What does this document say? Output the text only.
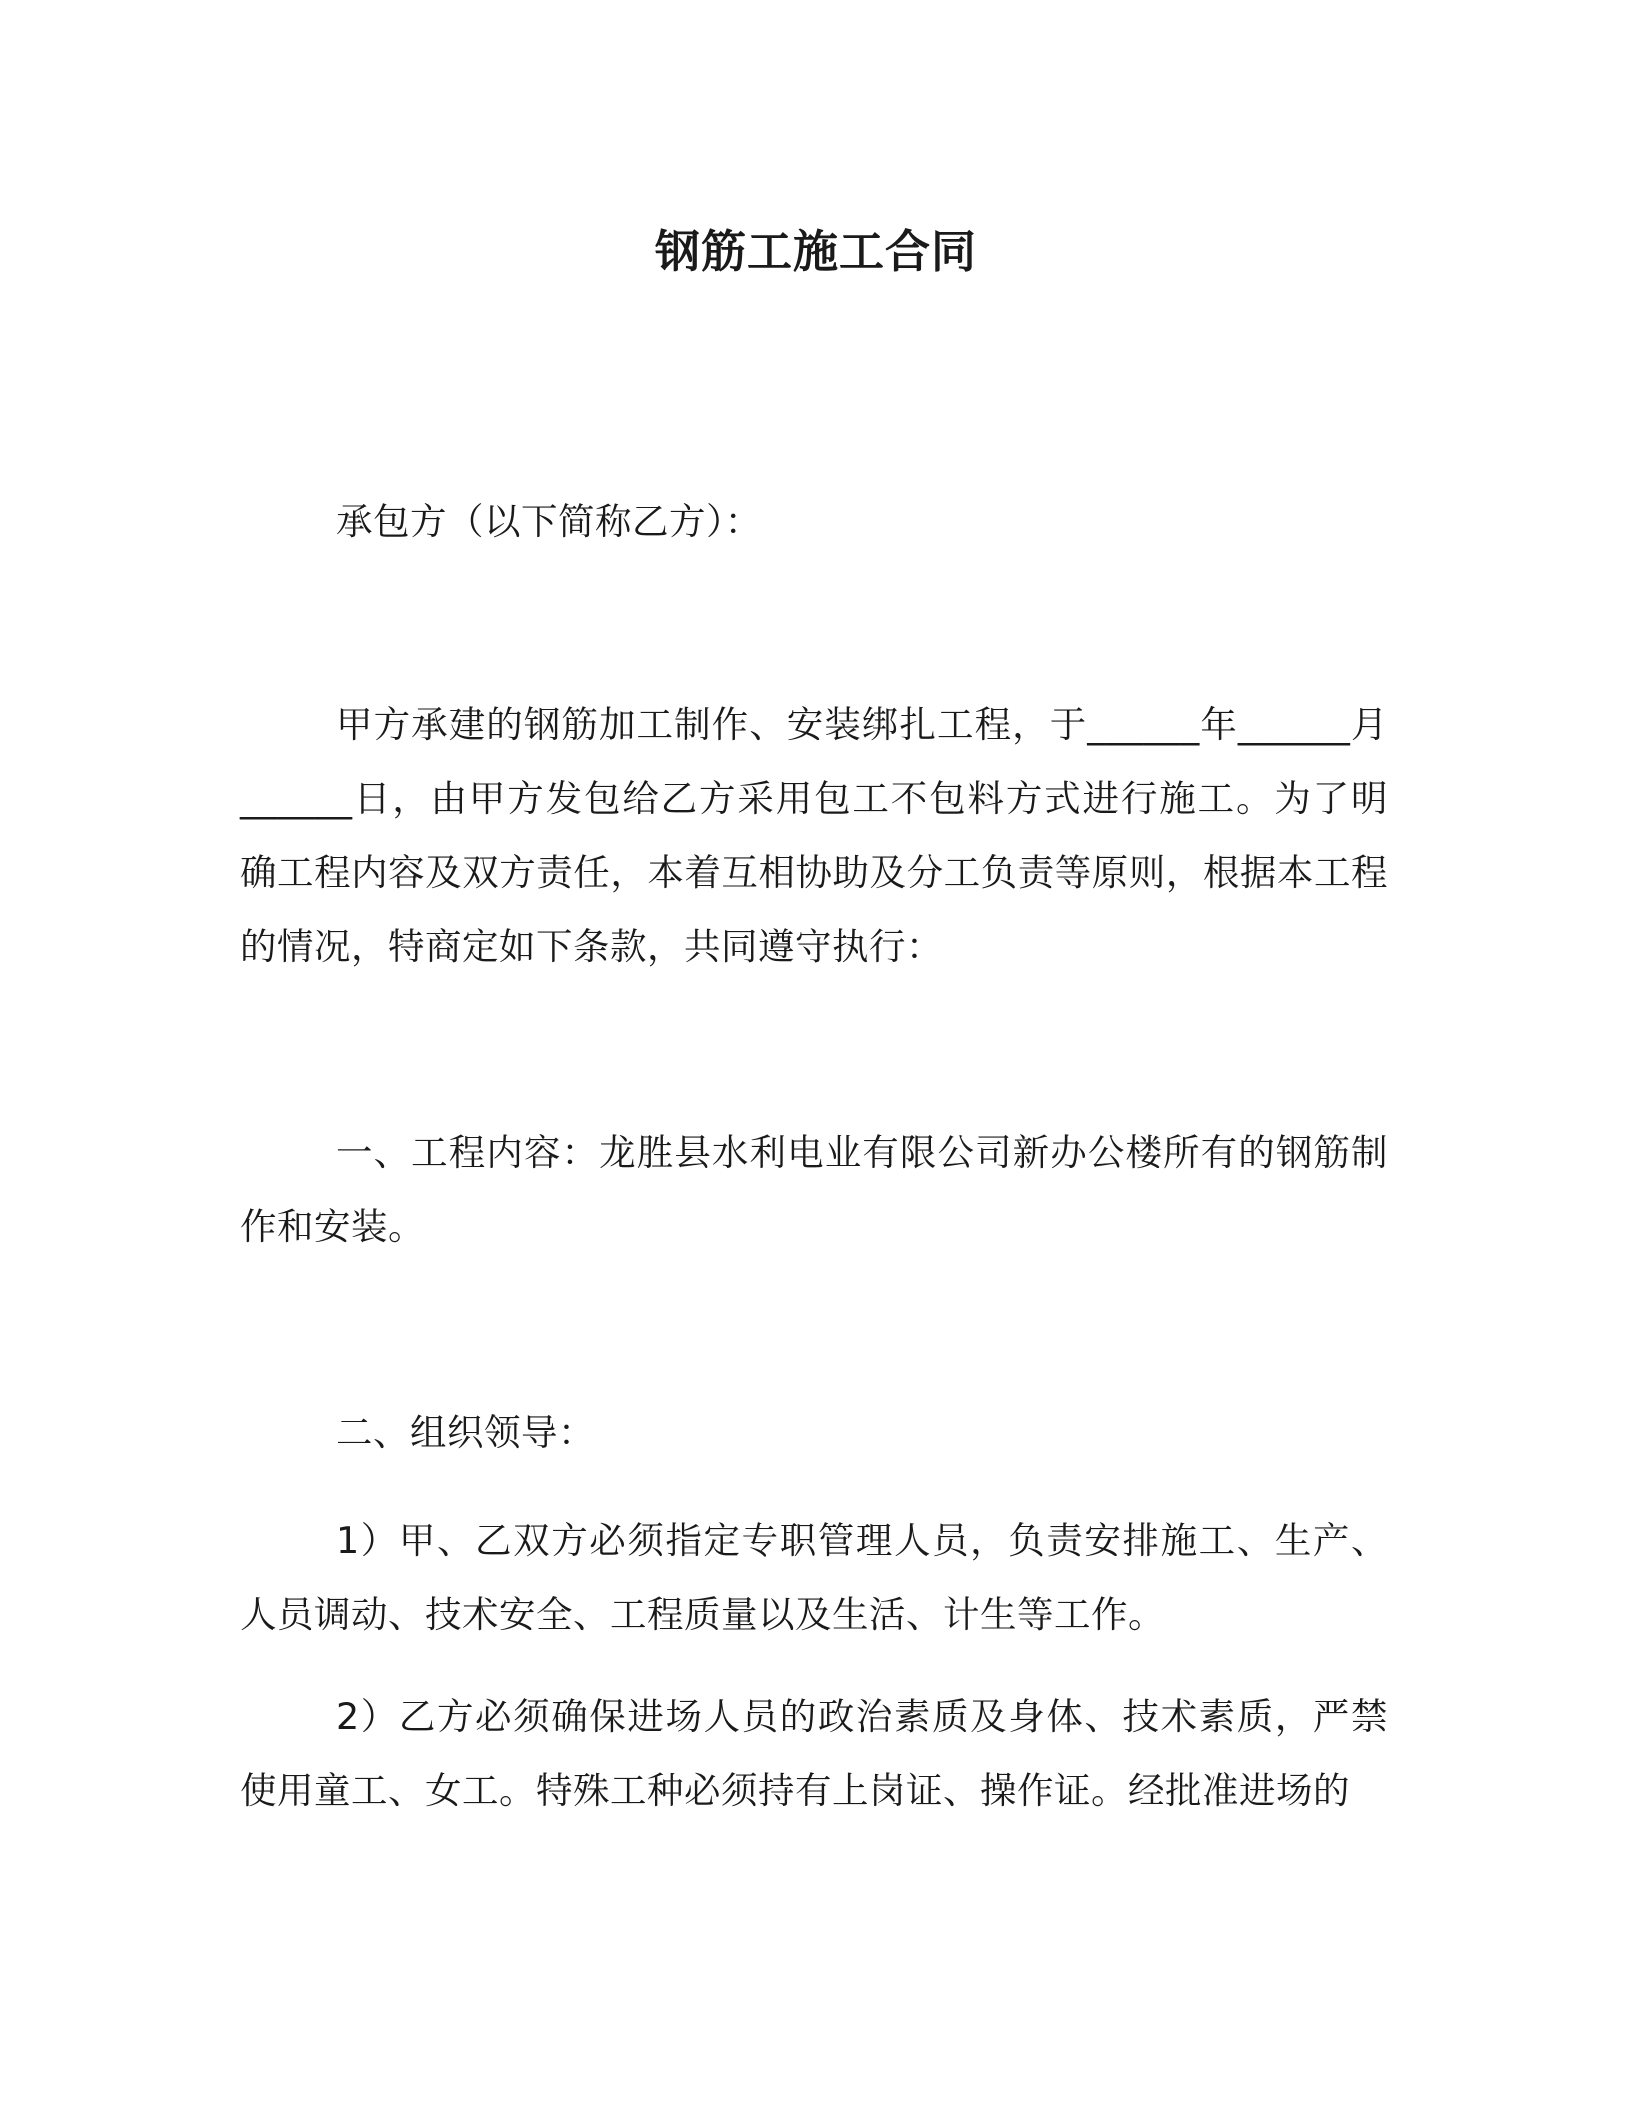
钢筋工施工合同
承包方（以下简称乙方）：
甲方承建的钢筋加工制作、安装绑扎工程，于______年______月______日，由甲方发包给乙方采用包工不包料方式进行施工。为了明确工程内容及双方责任，本着互相协助及分工负责等原则，根据本工程的情况，特商定如下条款，共同遵守执行：
一、工程内容：龙胜县水利电业有限公司新办公楼所有的钢筋制作和安装。
二、组织领导：
1）甲、乙双方必须指定专职管理人员，负责安排施工、生产、人员调动、技术安全、工程质量以及生活、计生等工作。
2）乙方必须确保进场人员的政治素质及身体、技术素质，严禁使用童工、女工。特殊工种必须持有上岗证、操作证。经批准进场的
